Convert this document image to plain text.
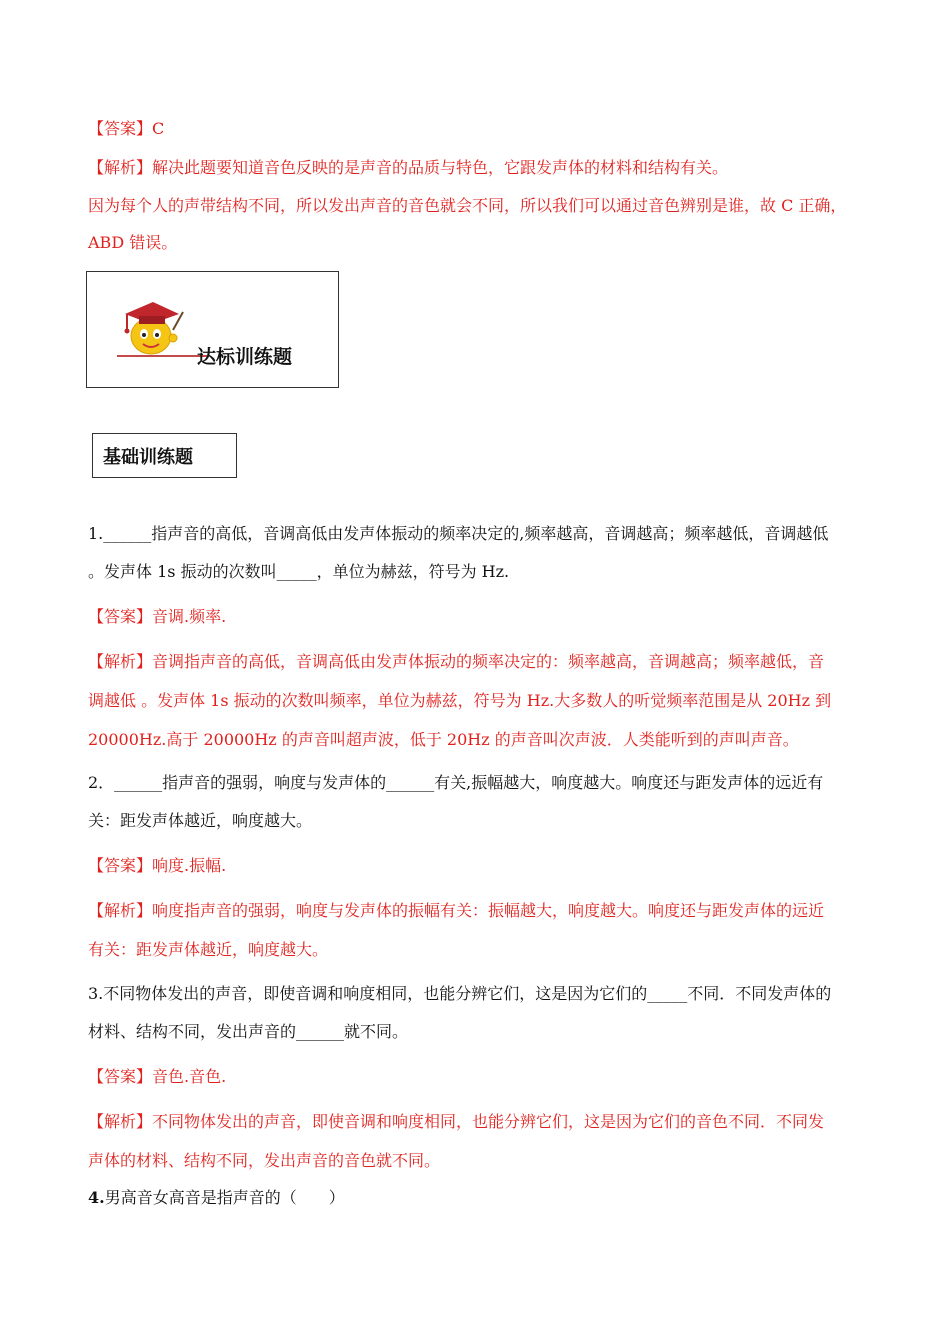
【答案】C
【解析】解决此题要知道音色反映的是声音的品质与特色，它跟发声体的材料和结构有关。
因为每个人的声带结构不同，所以发出声音的音色就会不同，所以我们可以通过音色辨别是谁，故 C 正确，
ABD 错误。
达标训练题
基础训练题
1.______指声音的高低，音调高低由发声体振动的频率决定的,频率越高，音调越高；频率越低，音调越低
。发声体 1s 振动的次数叫_____，单位为赫兹，符号为 Hz.
【答案】音调.频率.
【解析】音调指声音的高低，音调高低由发声体振动的频率决定的：频率越高，音调越高；频率越低，音
调越低 。发声体 1s 振动的次数叫频率，单位为赫兹，符号为 Hz.大多数人的听觉频率范围是从 20Hz 到
20000Hz.高于 20000Hz 的声音叫超声波，低于 20Hz 的声音叫次声波．人类能听到的声叫声音。
2．______指声音的强弱，响度与发声体的______有关,振幅越大，响度越大。响度还与距发声体的远近有
关：距发声体越近，响度越大。
【答案】响度.振幅.
【解析】响度指声音的强弱，响度与发声体的振幅有关：振幅越大，响度越大。响度还与距发声体的远近
有关：距发声体越近，响度越大。
3.不同物体发出的声音，即使音调和响度相同，也能分辨它们，这是因为它们的_____不同．不同发声体的
材料、结构不同，发出声音的______就不同。
【答案】音色.音色.
【解析】不同物体发出的声音，即使音调和响度相同，也能分辨它们，这是因为它们的音色不同．不同发
声体的材料、结构不同，发出声音的音色就不同。
4.男高音女高音是指声音的（　　）
